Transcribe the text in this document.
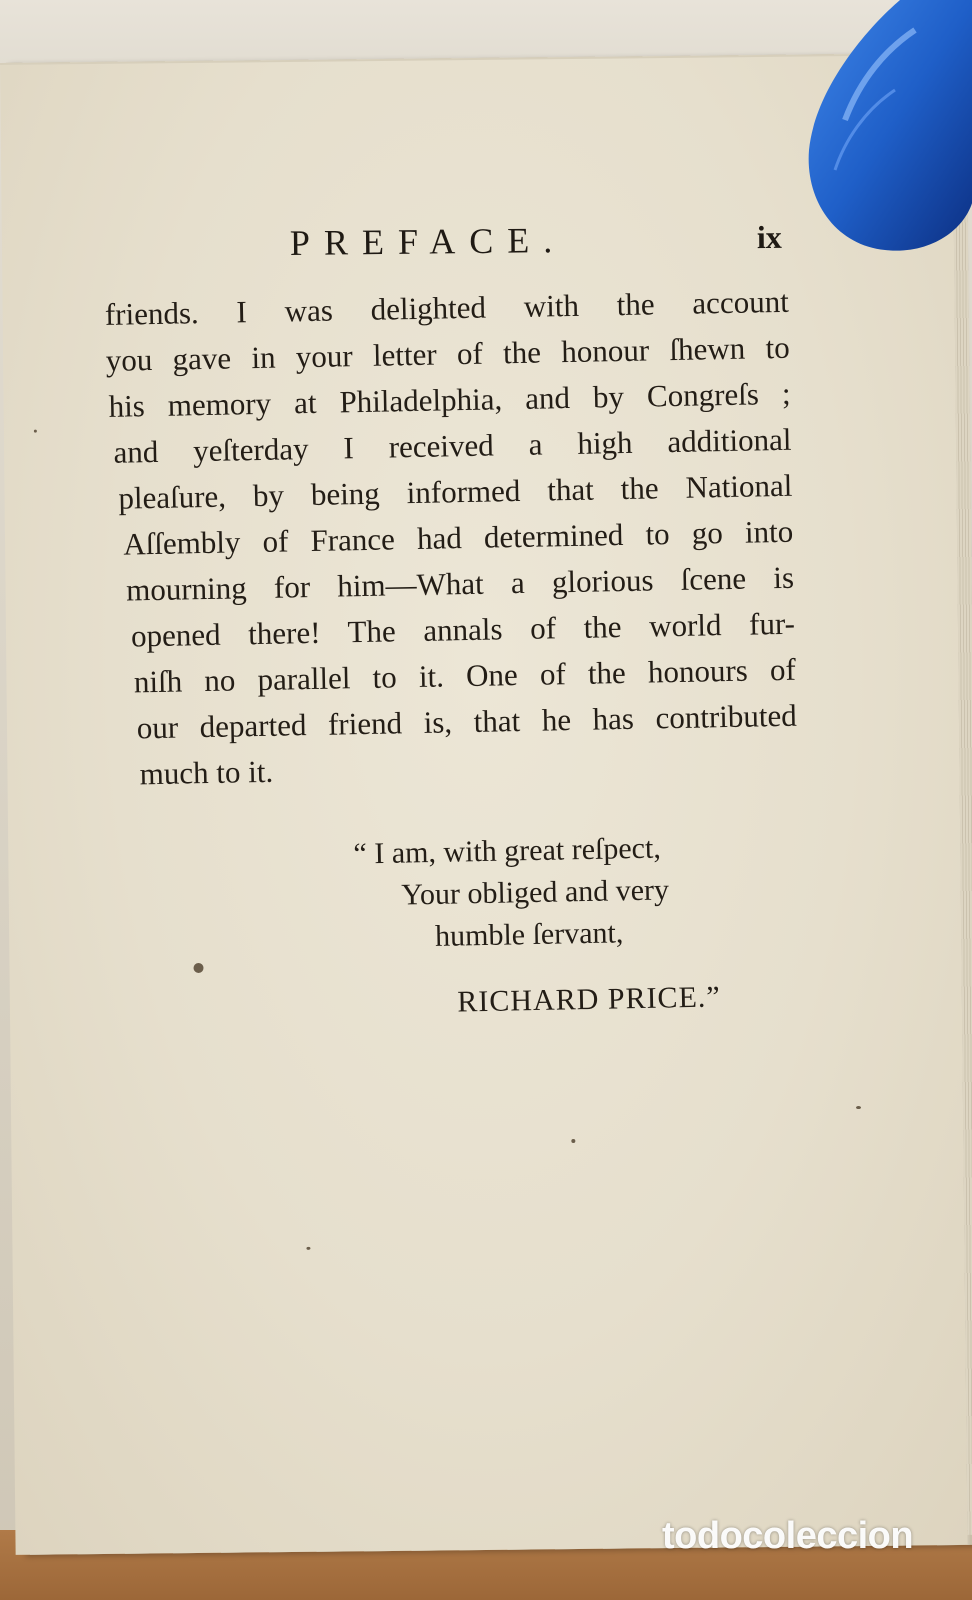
PREFACE.	ix
friends. I was delighted with the account
you gave in your letter of the honour ſhewn to
his memory at Philadelphia, and by Congreſs ;
and yeſterday I received a high additional
pleaſure, by being informed that the National
Aſſembly of France had determined to go into
mourning for him—What a glorious ſcene is
opened there! The annals of the world fur-
niſh no parallel to it. One of the honours of
our departed friend is, that he has contributed
much to it.
“ I am, with great reſpect,
Your obliged and very
humble ſervant,
RICHARD PRICE.”
todocoleccion
